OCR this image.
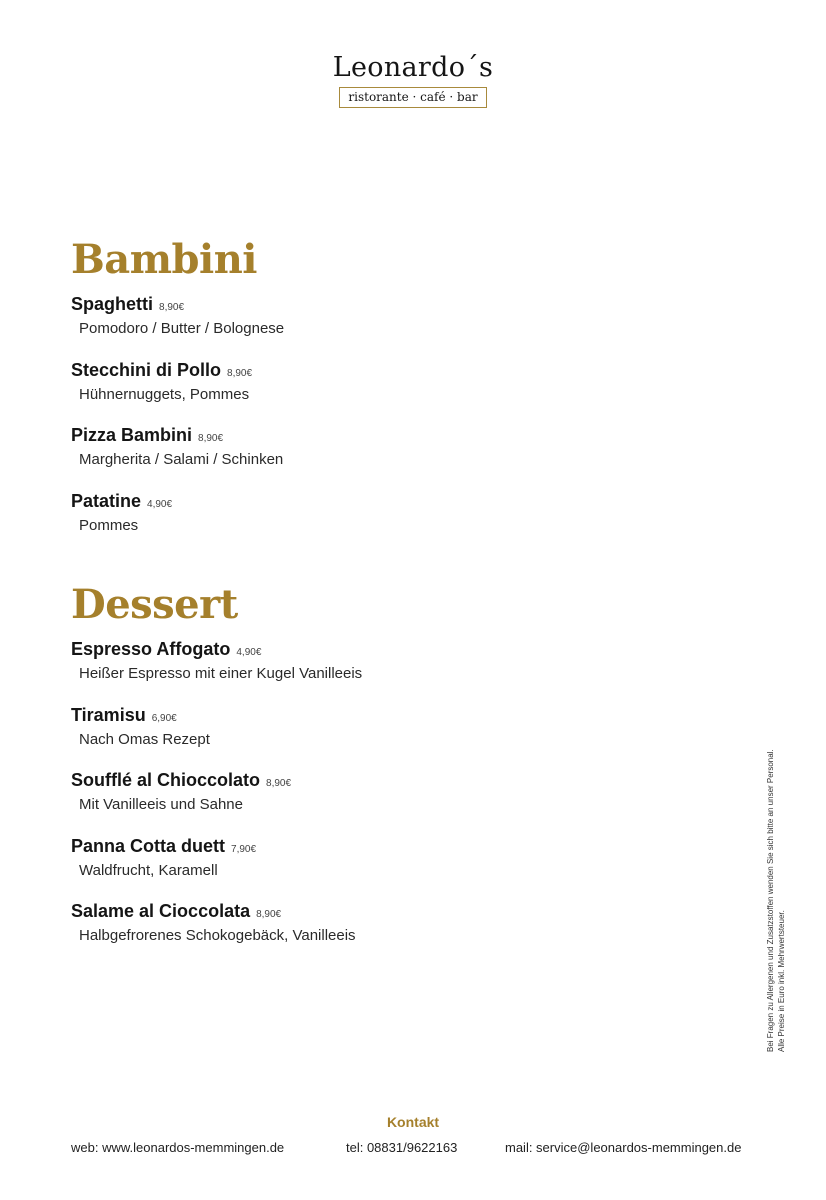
Leonardo´s
ristorante · café · bar
Bambini
Spaghetti 8,90€
Pomodoro / Butter / Bolognese
Stecchini di Pollo 8,90€
Hühnernuggets, Pommes
Pizza Bambini 8,90€
Margherita / Salami / Schinken
Patatine 4,90€
Pommes
Dessert
Espresso Affogato 4,90€
Heißer Espresso mit einer Kugel Vanilleeis
Tiramisu 6,90€
Nach Omas Rezept
Soufflé al Chioccolato 8,90€
Mit Vanilleeis und Sahne
Panna Cotta duett 7,90€
Waldfrucht, Karamell
Salame al Cioccolata 8,90€
Halbgefrorenes Schokogebäck, Vanilleeis	Bei Fragen zu Allergenen und Zusatzstoffen wenden Sie sich bitte an unser Personal. Alle Preise in Euro inkl. Mehrwertsteuer.
Kontakt
web: www.leonardos-memmingen.de	tel: 08831/9622163	mail: service@leonardos-memmingen.de
